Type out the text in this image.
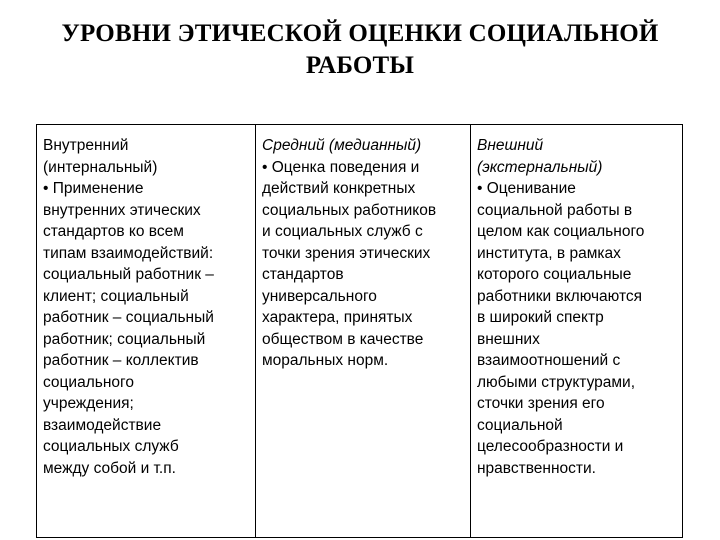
УРОВНИ ЭТИЧЕСКОЙ ОЦЕНКИ СОЦИАЛЬНОЙ
РАБОТЫ
Внутренний
(интернальный)
• Применение
внутренних этических
стандартов ко всем
типам взаимодействий:
социальный работник –
клиент; социальный
работник – социальный
работник; социальный
работник – коллектив
социального
учреждения;
взаимодействие
социальных служб
между собой и т.п.
Средний (медианный)
• Оценка поведения и
действий конкретных
социальных работников
и социальных служб с
точки зрения этических
стандартов
универсального
характера, принятых
обществом в качестве
моральных норм.
Внешний
(экстернальный)
• Оценивание
социальной работы в
целом как социального
института, в рамках
которого социальные
работники включаются
в широкий спектр
внешних
взаимоотношений с
любыми структурами,
сточки зрения его
социальной
целесообразности и
нравственности.
